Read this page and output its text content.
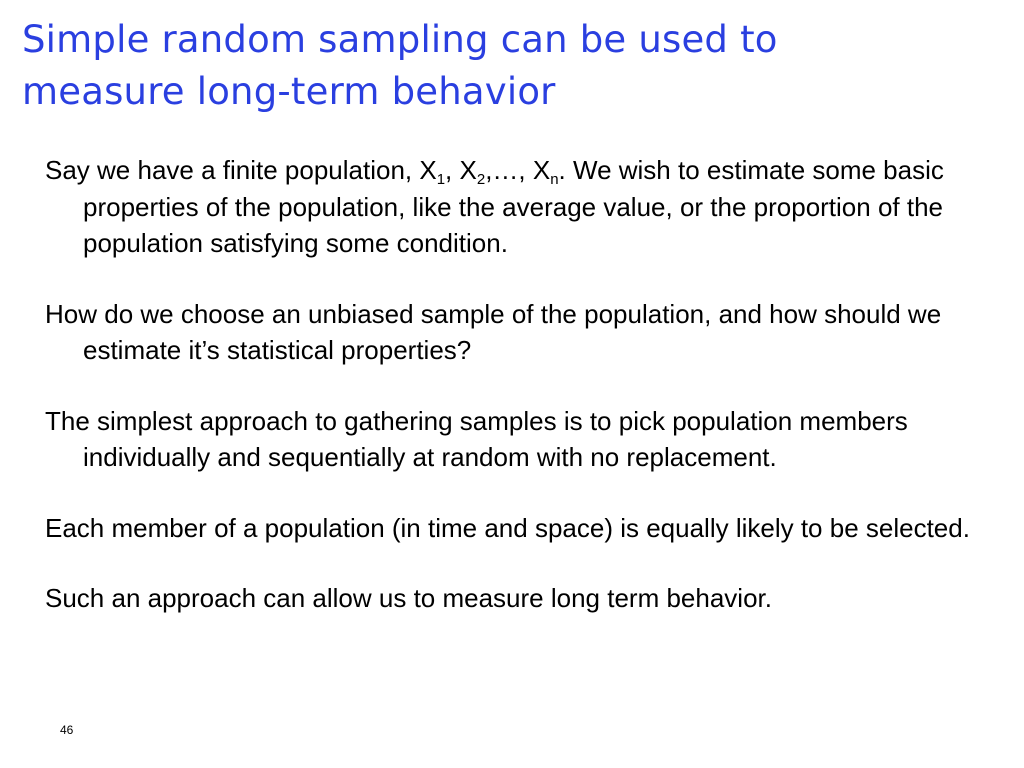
Simple random sampling can be used to
measure long-term behavior

Say we have a finite population, $X_1$, $X_2,\dots$, $X_n$. We wish to estimate some basic properties of the population, like the average value, or the proportion of the population satisfying some condition.

How do we choose an unbiased sample of the population, and how should we estimate it’s statistical properties?

The simplest approach to gathering samples is to pick population members individually and sequentially at random with no replacement.

Each member of a population (in time and space) is equally likely to be selected.

Such an approach can allow us to measure long term behavior.

46
